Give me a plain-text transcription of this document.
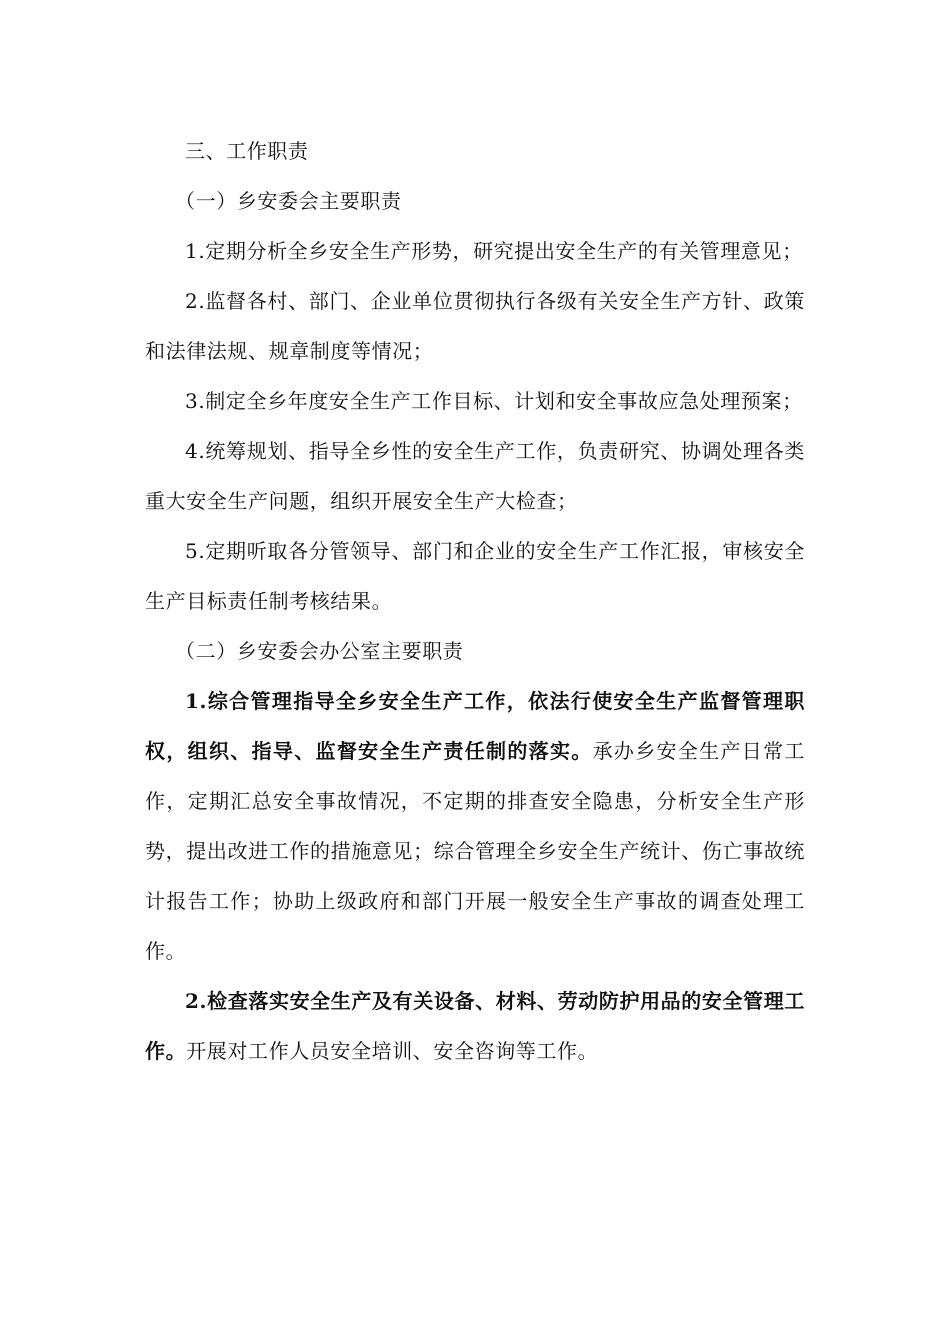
三、工作职责

（一）乡安委会主要职责

1.定期分析全乡安全生产形势，研究提出安全生产的有关管理意见；

2.监督各村、部门、企业单位贯彻执行各级有关安全生产方针、政策和法律法规、规章制度等情况；

3.制定全乡年度安全生产工作目标、计划和安全事故应急处理预案；

4.统筹规划、指导全乡性的安全生产工作，负责研究、协调处理各类重大安全生产问题，组织开展安全生产大检查；

5.定期听取各分管领导、部门和企业的安全生产工作汇报，审核安全生产目标责任制考核结果。

（二）乡安委会办公室主要职责

1.综合管理指导全乡安全生产工作，依法行使安全生产监督管理职权，组织、指导、监督安全生产责任制的落实。承办乡安全生产日常工作，定期汇总安全事故情况，不定期的排查安全隐患，分析安全生产形势，提出改进工作的措施意见；综合管理全乡安全生产统计、伤亡事故统计报告工作；协助上级政府和部门开展一般安全生产事故的调查处理工作。

2.检查落实安全生产及有关设备、材料、劳动防护用品的安全管理工作。开展对工作人员安全培训、安全咨询等工作。
